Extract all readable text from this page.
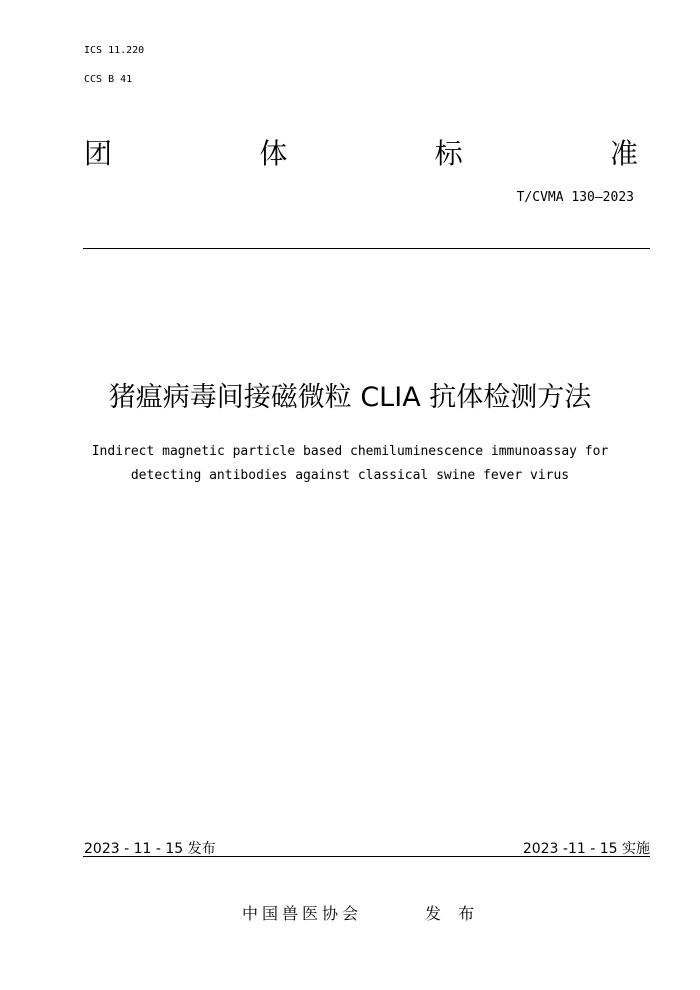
ICS 11.220
CCS B 41
团	体	标	准
T/CVMA 130—2023
猪瘟病毒间接磁微粒 CLIA 抗体检测方法
Indirect magnetic particle based chemiluminescence immunoassay for
detecting antibodies against classical swine fever virus
2023 - 11 - 15 发布	2023 -11 - 15 实施
中国兽医协会	发 布
